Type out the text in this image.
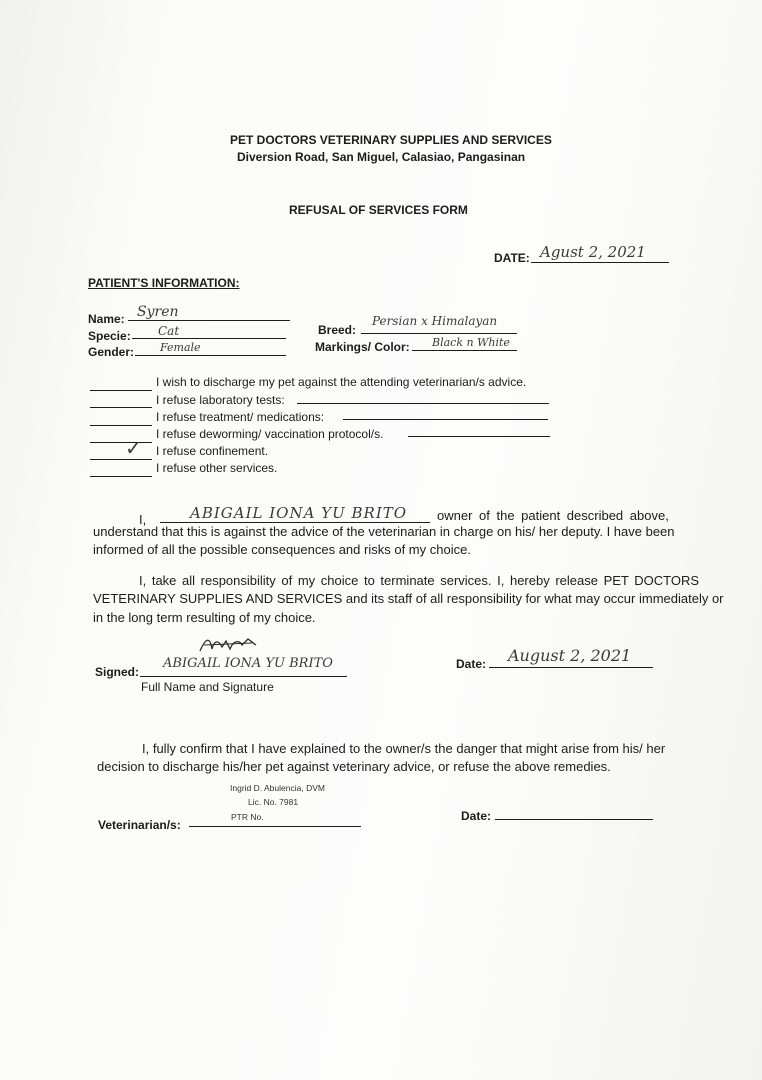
PET DOCTORS VETERINARY SUPPLIES AND SERVICES
Diversion Road, San Miguel, Calasiao, Pangasinan
REFUSAL OF SERVICES FORM
DATE: Agust 2, 2021
PATIENT'S INFORMATION:
Name: Syren
Specie: Cat
Gender: Female
Breed:
Persian x Himalayan
Markings/ Color: Black n White
I wish to discharge my pet against the attending veterinarian/s advice.
I refuse laboratory tests:
I refuse treatment/ medications:
I refuse deworming/ vaccination protocol/s.
✓ I refuse confinement.
I refuse other services.
I,	ABIGAIL IONA YU BRITO owner of the patient described above,
understand that this is against the advice of the veterinarian in charge on his/ her deputy. I have been
informed of all the possible consequences and risks of my choice.
I, take all responsibility of my choice to terminate services. I, hereby release PET DOCTORS
VETERINARY SUPPLIES AND SERVICES and its staff of all responsibility for what may occur immediately or
in the long term resulting of my choice.
Signed:
ABIGAIL IONA YU BRITO
Full Name and Signature
Date: August 2, 2021
I, fully confirm that I have explained to the owner/s the danger that might arise from his/ her
decision to discharge his/her pet against veterinary advice, or refuse the above remedies.
Ingrid D. Abulencia, DVM
Lic. No. 7981
PTR No.
Veterinarian/s:
Date:
